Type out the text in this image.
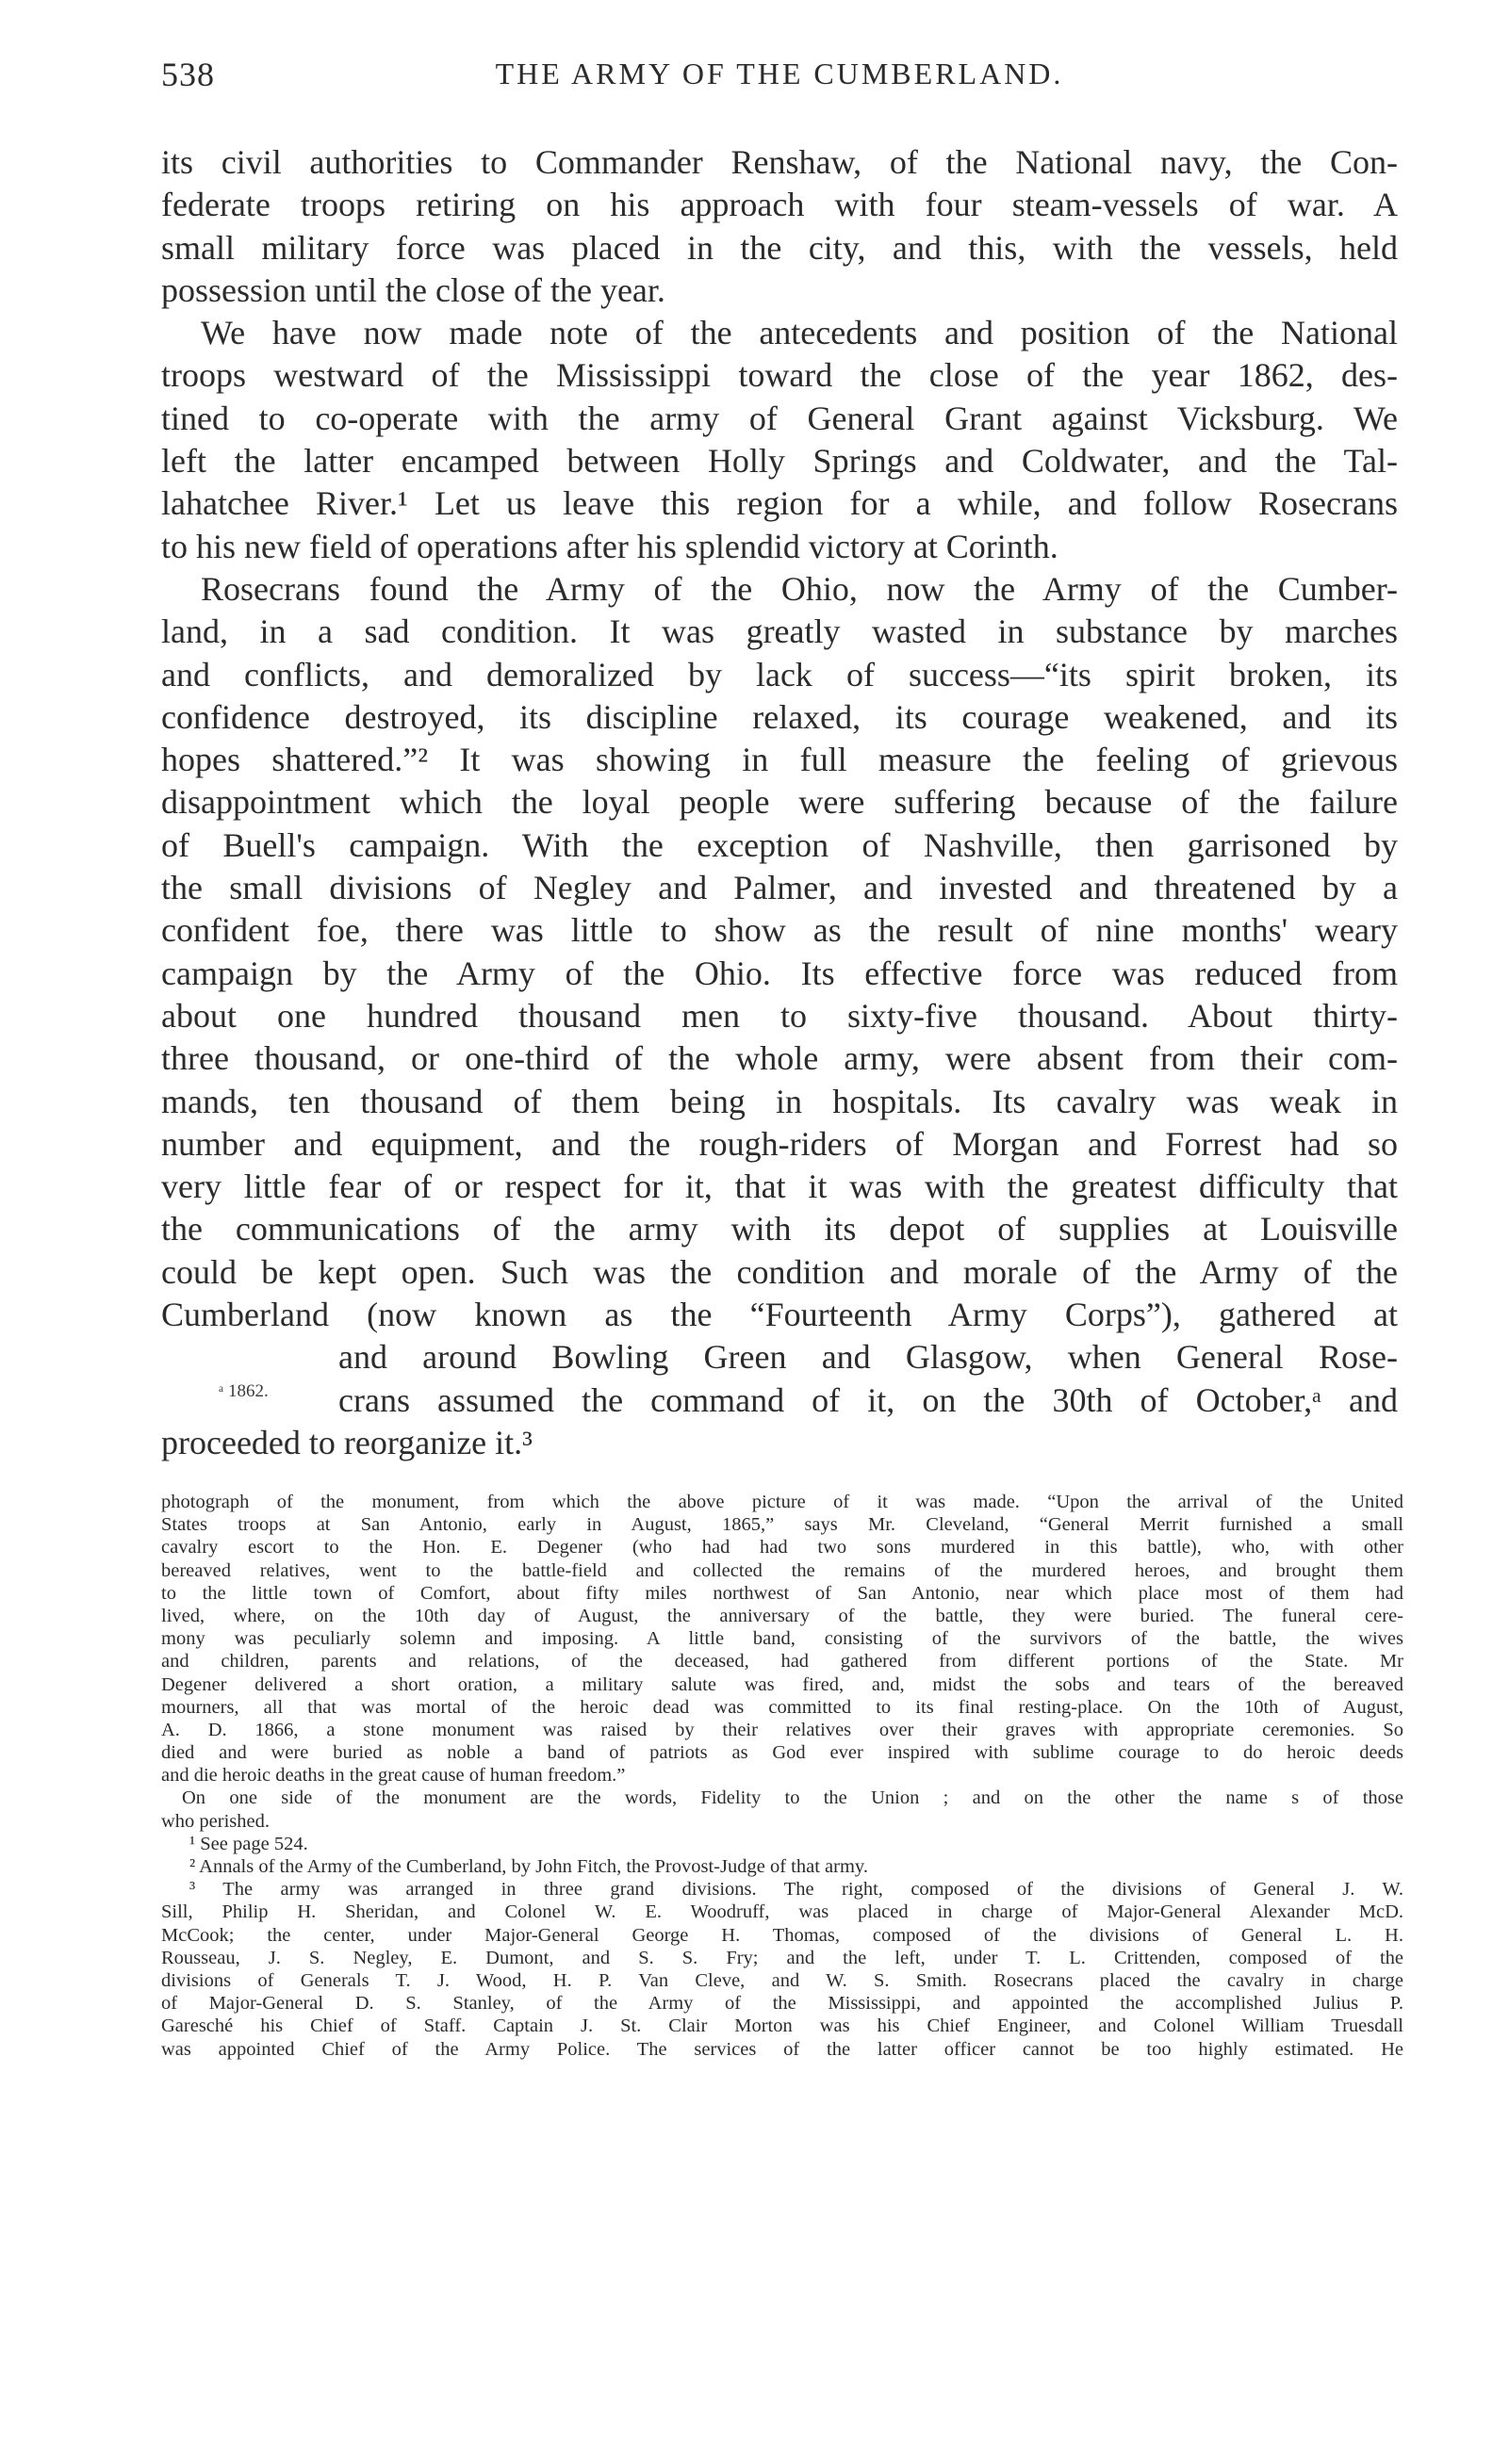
538	THE ARMY OF THE CUMBERLAND.
its civil authorities to Commander Renshaw, of the National navy, the Con-
federate troops retiring on his approach with four steam-vessels of war. A
small military force was placed in the city, and this, with the vessels, held
possession until the close of the year.
We have now made note of the antecedents and position of the National
troops westward of the Mississippi toward the close of the year 1862, des-
tined to co-operate with the army of General Grant against Vicksburg. We
left the latter encamped between Holly Springs and Coldwater, and the Tal-
lahatchee River.¹ Let us leave this region for a while, and follow Rosecrans
to his new field of operations after his splendid victory at Corinth.
Rosecrans found the Army of the Ohio, now the Army of the Cumber-
land, in a sad condition. It was greatly wasted in substance by marches
and conflicts, and demoralized by lack of success—“its spirit broken, its
confidence destroyed, its discipline relaxed, its courage weakened, and its
hopes shattered.”² It was showing in full measure the feeling of grievous
disappointment which the loyal people were suffering because of the failure
of Buell's campaign. With the exception of Nashville, then garrisoned by
the small divisions of Negley and Palmer, and invested and threatened by a
confident foe, there was little to show as the result of nine months' weary
campaign by the Army of the Ohio. Its effective force was reduced from
about one hundred thousand men to sixty-five thousand. About thirty-
three thousand, or one-third of the whole army, were absent from their com-
mands, ten thousand of them being in hospitals. Its cavalry was weak in
number and equipment, and the rough-riders of Morgan and Forrest had so
very little fear of or respect for it, that it was with the greatest difficulty that
the communications of the army with its depot of supplies at Louisville
could be kept open. Such was the condition and morale of the Army of the
Cumberland (now known as the “Fourteenth Army Corps”), gathered at
and around Bowling Green and Glasgow, when General Rose-
crans assumed the command of it, on the 30th of October,ᵃ and
proceeded to reorganize it.³
ᵃ 1862.
photograph of the monument, from which the above picture of it was made. “Upon the arrival of the United
States troops at San Antonio, early in August, 1865,” says Mr. Cleveland, “General Merrit furnished a small
cavalry escort to the Hon. E. Degener (who had had two sons murdered in this battle), who, with other
bereaved relatives, went to the battle-field and collected the remains of the murdered heroes, and brought them
to the little town of Comfort, about fifty miles northwest of San Antonio, near which place most of them had
lived, where, on the 10th day of August, the anniversary of the battle, they were buried. The funeral cere-
mony was peculiarly solemn and imposing. A little band, consisting of the survivors of the battle, the wives
and children, parents and relations, of the deceased, had gathered from different portions of the State. Mr
Degener delivered a short oration, a military salute was fired, and, midst the sobs and tears of the bereaved
mourners, all that was mortal of the heroic dead was committed to its final resting-place. On the 10th of August,
A. D. 1866, a stone monument was raised by their relatives over their graves with appropriate ceremonies. So
died and were buried as noble a band of patriots as God ever inspired with sublime courage to do heroic deeds
and die heroic deaths in the great cause of human freedom.”
On one side of the monument are the words, Fidelity to the Union ; and on the other the name s of those
who perished.
¹ See page 524.
² Annals of the Army of the Cumberland, by John Fitch, the Provost-Judge of that army.
³ The army was arranged in three grand divisions. The right, composed of the divisions of General J. W.
Sill, Philip H. Sheridan, and Colonel W. E. Woodruff, was placed in charge of Major-General Alexander McD.
McCook; the center, under Major-General George H. Thomas, composed of the divisions of General L. H.
Rousseau, J. S. Negley, E. Dumont, and S. S. Fry; and the left, under T. L. Crittenden, composed of the
divisions of Generals T. J. Wood, H. P. Van Cleve, and W. S. Smith. Rosecrans placed the cavalry in charge
of Major-General D. S. Stanley, of the Army of the Mississippi, and appointed the accomplished Julius P.
Garesché his Chief of Staff. Captain J. St. Clair Morton was his Chief Engineer, and Colonel William Truesdall
was appointed Chief of the Army Police. The services of the latter officer cannot be too highly estimated. He
